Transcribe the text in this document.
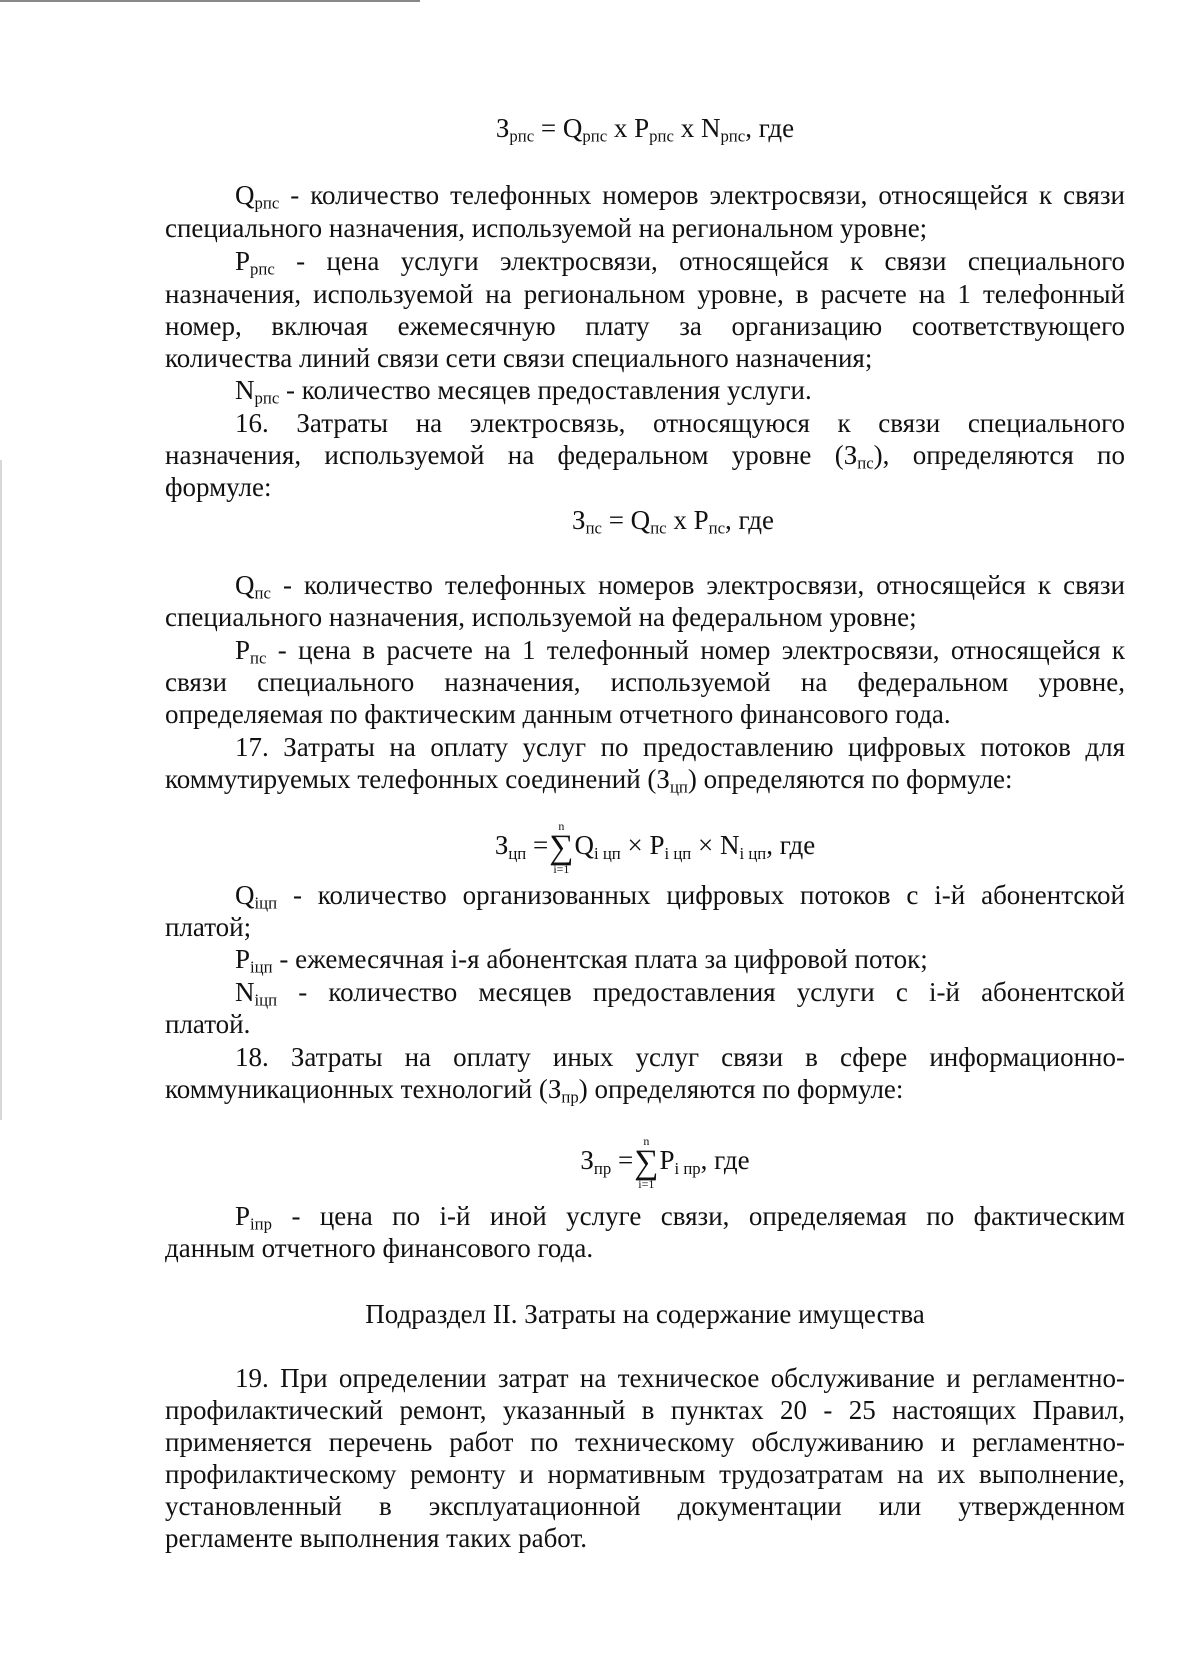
$З_{рпс} = Q_{рпс}$ x $P_{рпс}$ x $N_{рпс}$, где
$Q_{рпс}$ - количество телефонных номеров электросвязи, относящейся к связи
специального назначения, используемой на региональном уровне;
$P_{рпс}$ - цена услуги электросвязи, относящейся к связи специального
назначения, используемой на региональном уровне, в расчете на 1 телефонный
номер, включая ежемесячную плату за организацию соответствующего
количества линий связи сети связи специального назначения;
$N_{рпс}$ - количество месяцев предоставления услуги.
16. Затраты на электросвязь, относящуюся к связи специального
назначения, используемой на федеральном уровне $(З_{пс})$, определяются по
формуле:
$З_{пс} = Q_{пс}$ x $P_{пс}$, где
$Q_{пс}$ - количество телефонных номеров электросвязи, относящейся к связи
специального назначения, используемой на федеральном уровне;
$P_{пс}$ - цена в расчете на 1 телефонный номер электросвязи, относящейся к
связи специального назначения, используемой на федеральном уровне,
определяемая по фактическим данным отчетного финансового года.
17. Затраты на оплату услуг по предоставлению цифровых потоков для
коммутируемых телефонных соединений $(З_{цп})$ определяются по формуле:
$З_{цп}$ =
n
∑
i=1
$Q_{i цп} \times P_{i цп} \times N_{i цп}$, где
$Q_{iцп}$ - количество организованных цифровых потоков с i-й абонентской
платой;
$P_{iцп}$ - ежемесячная i-я абонентская плата за цифровой поток;
$N_{iцп}$ - количество месяцев предоставления услуги с i-й абонентской
платой.
18. Затраты на оплату иных услуг связи в сфере информационно-
коммуникационных технологий $(З_{пр})$ определяются по формуле:
$З_{пр}$ =
n
∑
i=1
$P_{i пр}$, где
$P_{iпр}$ - цена по i-й иной услуге связи, определяемая по фактическим
данным отчетного финансового года.
Подраздел II. Затраты на содержание имущества
19. При определении затрат на техническое обслуживание и регламентно-
профилактический ремонт, указанный в пунктах 20 - 25 настоящих Правил,
применяется перечень работ по техническому обслуживанию и регламентно-
профилактическому ремонту и нормативным трудозатратам на их выполнение,
установленный в эксплуатационной документации или утвержденном
регламенте выполнения таких работ.
